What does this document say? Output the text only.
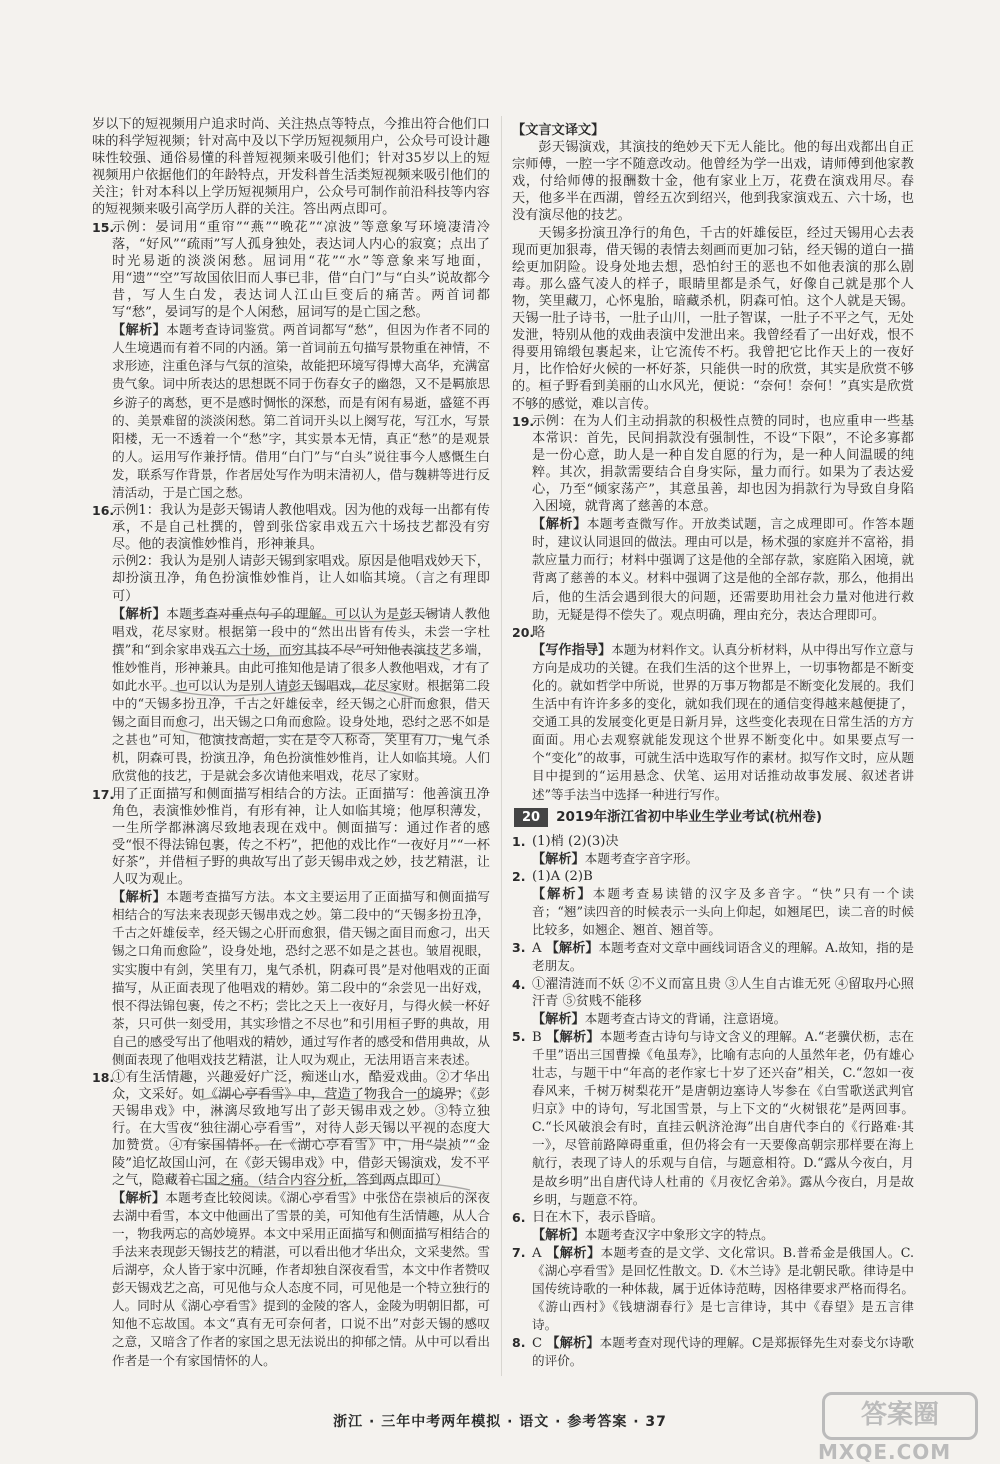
岁以下的短视频用户追求时尚、关注热点等特点，今推出符合他们口味的科学短视频；针对高中及以下学历短视频用户，公众号可设计趣味性较强、通俗易懂的科普短视频来吸引他们；针对35岁以上的短视频用户依据他们的年龄特点，开发科普生活类短视频来吸引他们的关注；针对本科以上学历短视频用户，公众号可制作前沿科技等内容的短视频来吸引高学历人群的关注。答出两点即可。
15.
示例：晏词用“重帘”“燕”“晚花”“凉波”等意象写环境凄清冷落，“好风”“疏雨”写人孤身独处，表达词人内心的寂寞；点出了时光易逝的淡淡闲愁。屈词用“花”“水”等意象来写地面，用“遗”“空”写故国依旧而人事已非，借“白门”与“白头”说故都今昔，写人生白发，表达词人江山巨变后的痛苦。两首词都写“愁”，晏词写的是个人闲愁，屈词写的是亡国之愁。
【解析】本题考查诗词鉴赏。两首词都写“愁”，但因为作者不同的人生境遇而有着不同的内涵。第一首词前五句描写景物重在神情，不求形迹，注重色泽与气氛的渲染，故能把环境写得博大高华，充满富贵气象。词中所表达的思想既不同于伤春女子的幽怨，又不是羁旅思乡游子的离愁，更不是感时惆怅的深愁，而是有闲有易逝，盛筵不再的、美景难留的淡淡闲愁。第二首词开头以上阕写花，写江水，写景阳楼，无一不透着一个“愁”字，其实景本无情，真正“愁”的是观景的人。运用写作兼抒情。借用“白门”与“白头”说往事今人感慨生白发，联系写作背景，作者居处写作为明末清初人，借与魏耕等进行反清活动，于是亡国之愁。
16.
示例1：我认为是彭天锡请人教他唱戏。因为他的戏每一出都有传承，不是自己杜撰的，曾到张岱家串戏五六十场技艺都没有穷尽。他的表演惟妙惟肖，形神兼具。
示例2：我认为是别人请彭天锡到家唱戏。原因是他唱戏妙天下，却扮演丑净，角色扮演惟妙惟肖，让人如临其境。（言之有理即可）
【解析】本题考查对重点句子的理解。可以认为是彭天锡请人教他唱戏，花尽家财。根据第一段中的“然出出皆有传头，未尝一字杜撰”和“到余家串戏五六十场，而穷其技不尽”可知他表演技艺多端，惟妙惟肖，形神兼具。由此可推知他是请了很多人教他唱戏，才有了如此水平。也可以认为是别人请彭天锡唱戏，花尽家财。根据第二段中的“天锡多扮丑净，千古之奸雄佞幸，经天锡之心肝而愈狠，借天锡之面目而愈刁，出天锡之口角而愈险。设身处地，恐纣之恶不如是之甚也”可知，他演技高超，实在是令人称奇，笑里有刀，鬼气杀机，阴森可畏，扮演丑净，角色扮演惟妙惟肖，让人如临其境。人们欣赏他的技艺，于是就会多次请他来唱戏，花尽了家财。
17.
用了正面描写和侧面描写相结合的方法。正面描写：他善演丑净角色，表演惟妙惟肖，有形有神，让人如临其境；他厚积薄发，一生所学都淋漓尽致地表现在戏中。侧面描写：通过作者的感受“恨不得法锦包裹，传之不朽”，把他的戏比作“一夜好月”“一杯好茶”，并借桓子野的典故写出了彭天锡串戏之妙，技艺精湛，让人叹为观止。
【解析】本题考查描写方法。本文主要运用了正面描写和侧面描写相结合的写法来表现彭天锡串戏之妙。第二段中的“天锡多扮丑净，千古之奸雄佞幸，经天锡之心肝而愈狠，借天锡之面目而愈刁，出天锡之口角而愈险”，设身处地，恐纣之恶不如是之甚也。皱眉视眼，实实腹中有剑，笑里有刀，鬼气杀机，阴森可畏”是对他唱戏的正面描写，从正面表现了他唱戏的精妙。第二段中的“余尝见一出好戏，恨不得法锦包裹，传之不朽；尝比之天上一夜好月，与得火候一杯好茶，只可供一刻受用，其实珍惜之不尽也”和引用桓子野的典故，用自己的感受写出了他唱戏的精妙，通过写作者的感受和借用典故，从侧面表现了他唱戏技艺精湛，让人叹为观止，无法用语言来表述。
18.
①有生活情趣，兴趣爱好广泛，痴迷山水，酷爱戏曲。②才华出众，文采好。如《湖心亭看雪》中，营造了物我合一的境界；《彭天锡串戏》中，淋漓尽致地写出了彭天锡串戏之妙。③特立独行。在大雪夜“独往湖心亭看雪”，对待人彭天锡以平视的态度大加赞赏。④有家国情怀。在《湖心亭看雪》中，用“崇祯”“金陵”追忆故国山河，在《彭天锡串戏》中，借彭天锡演戏，发不平之气，隐藏着亡国之痛。（结合内容分析，答到两点即可）
【解析】本题考查比较阅读。《湖心亭看雪》中张岱在崇祯后的深夜去湖中看雪，本文中他画出了雪景的美，可知他有生活情趣，从人合一，物我两忘的高妙境界。本文中采用正面描写和侧面描写相结合的手法来表现彭天锡技艺的精湛，可以看出他才华出众，文采斐然。雪后湖亭，众人皆于家中沉睡，作者却独自深夜看雪，本文中作者赞叹彭天锡戏艺之高，可见他与众人态度不同，可见他是一个特立独行的人。同时从《湖心亭看雪》提到的金陵的客人，金陵为明朝旧都，可知他不忘故国。本文“真有无可奈何者，口说不出”对彭天锡的感叹之意，又暗含了作者的家国之思无法说出的抑郁之情。从中可以看出作者是一个有家国情怀的人。
【文言文译文】
彭天锡演戏，其演技的绝妙天下无人能比。他的每出戏都出自正宗师傅，一腔一字不随意改动。他曾经为学一出戏，请师傅到他家教戏，付给师傅的报酬数十金，他有家业上万，花费在演戏用尽。春天，他多半在西湖，曾经五次到绍兴，他到我家演戏五、六十场，也没有演尽他的技艺。
天锡多扮演丑净行的角色，千古的奸雄佞臣，经过天锡用心去表现而更加狠毒，借天锡的表情去刻画而更加刁钻，经天锡的道白一描绘更加阴险。设身处地去想，恐怕纣王的恶也不如他表演的那么剧毒。那么盛气凌人的样子，眼睛里都是杀气，好像自己就是那个人物，笑里藏刀，心怀鬼胎，暗藏杀机，阴森可怕。这个人就是天锡。天锡一肚子诗书，一肚子山川，一肚子智谋，一肚子不平之气，无处发泄，特别从他的戏曲表演中发泄出来。我曾经看了一出好戏，恨不得要用锦缎包裹起来，让它流传不朽。我曾把它比作天上的一夜好月，比作恰好火候的一杯好茶，只能供一时的欣赏，其实是欣赏不够的。桓子野看到美丽的山水风光，便说：“奈何！奈何！”真实是欣赏不够的感觉，难以言传。
19.
示例：在为人们主动捐款的积极性点赞的同时，也应重申一些基本常识：首先，民间捐款没有强制性，不设“下限”，不论多寡都是一份心意，助人是一种自发自愿的行为，是一种人间温暖的纯粹。其次，捐款需要结合自身实际，量力而行。如果为了表达爱心，乃至“倾家荡产”，其意虽善，却也因为捐款行为导致自身陷入困境，就背离了慈善的本意。
【解析】本题考查微写作。开放类试题，言之成理即可。作答本题时，建议认同退回的做法。理由可以是，杨术强的家庭并不富裕，捐款应量力而行；材料中强调了这是他的全部存款，家庭陷入困境，就背离了慈善的本义。材料中强调了这是他的全部存款，那么，他捐出后，他的生活会遇到很大的问题，还需要助用社会力量对他进行救助，无疑是得不偿失了。观点明确，理由充分，表达合理即可。
20.
略
【写作指导】本题为材料作文。认真分析材料，从中得出写作立意与方向是成功的关键。在我们生活的这个世界上，一切事物都是不断变化的。就如哲学中所说，世界的万事万物都是不断变化发展的。我们生活中有许许多多的变化，就如我们现在的通信变得越来越便捷了，交通工具的发展变化更是日新月异，这些变化表现在日常生活的方方面面。用心去观察就能发现这个世界不断变化中。如果要点写一个“变化”的故事，可就生活中选取写作的素材。拟写作文时，应从题目中提到的“运用悬念、伏笔、运用对话推动故事发展、叙述者讲述”等手法当中选择一种进行写作。
20	2019年浙江省初中毕业生学业考试(杭州卷)
1. (1)梢 (2)(3)决
【解析】本题考查字音字形。
2. (1)A (2)B
【解析】本题考查易读错的汉字及多音字。“快”只有一个读音；“翘”读四音的时候表示一头向上仰起，如翘尾巴，读二音的时候比较多，如翘企、翘首、翘首等。
3. A 【解析】本题考查对文章中画线词语含义的理解。A.故知，指的是老朋友。
4. ①濯清涟而不妖 ②不义而富且贵 ③人生自古谁无死 ④留取丹心照汗青 ⑤贫贱不能移
【解析】本题考查古诗文的背诵，注意语境。
5. B 【解析】本题考查古诗句与诗文含义的理解。A.“老骥伏枥，志在千里”语出三国曹操《龟虽寿》，比喻有志向的人虽然年老，仍有雄心壮志，与题干中“年高的老作家七十岁了还兴奋”相关，C.“忽如一夜春风来，千树万树梨花开”是唐朝边塞诗人岑参在《白雪歌送武判官归京》中的诗句，写北国雪景，与上下文的“火树银花”是两回事。C.“长风破浪会有时，直挂云帆济沧海”出自唐代李白的《行路难·其一》，尽管前路障碍重重，但仍将会有一天要像高朝宗那样要在海上航行，表现了诗人的乐观与自信，与题意相符。D.“露从今夜白，月是故乡明”出自唐代诗人杜甫的《月夜忆舍弟》。露从今夜白，月是故乡明，与题意不符。
6. 日在木下，表示昏暗。
【解析】本题考查汉字中象形文字的特点。
7. A 【解析】本题考查的是文学、文化常识。B.普希金是俄国人。C.《湖心亭看雪》是回忆性散文。D.《木兰诗》是北朝民歌。律诗是中国传统诗歌的一种体裁，属于近体诗范畴，因格律要求严格而得名。《游山西村》《钱塘湖春行》是七言律诗，其中《春望》是五言律诗。
8. C 【解析】本题考查对现代诗的理解。C是郑振铎先生对泰戈尔诗歌的评价。
浙江 · 三年中考两年模拟 · 语文 · 参考答案 · 37	答案圈
MXQE.COM
